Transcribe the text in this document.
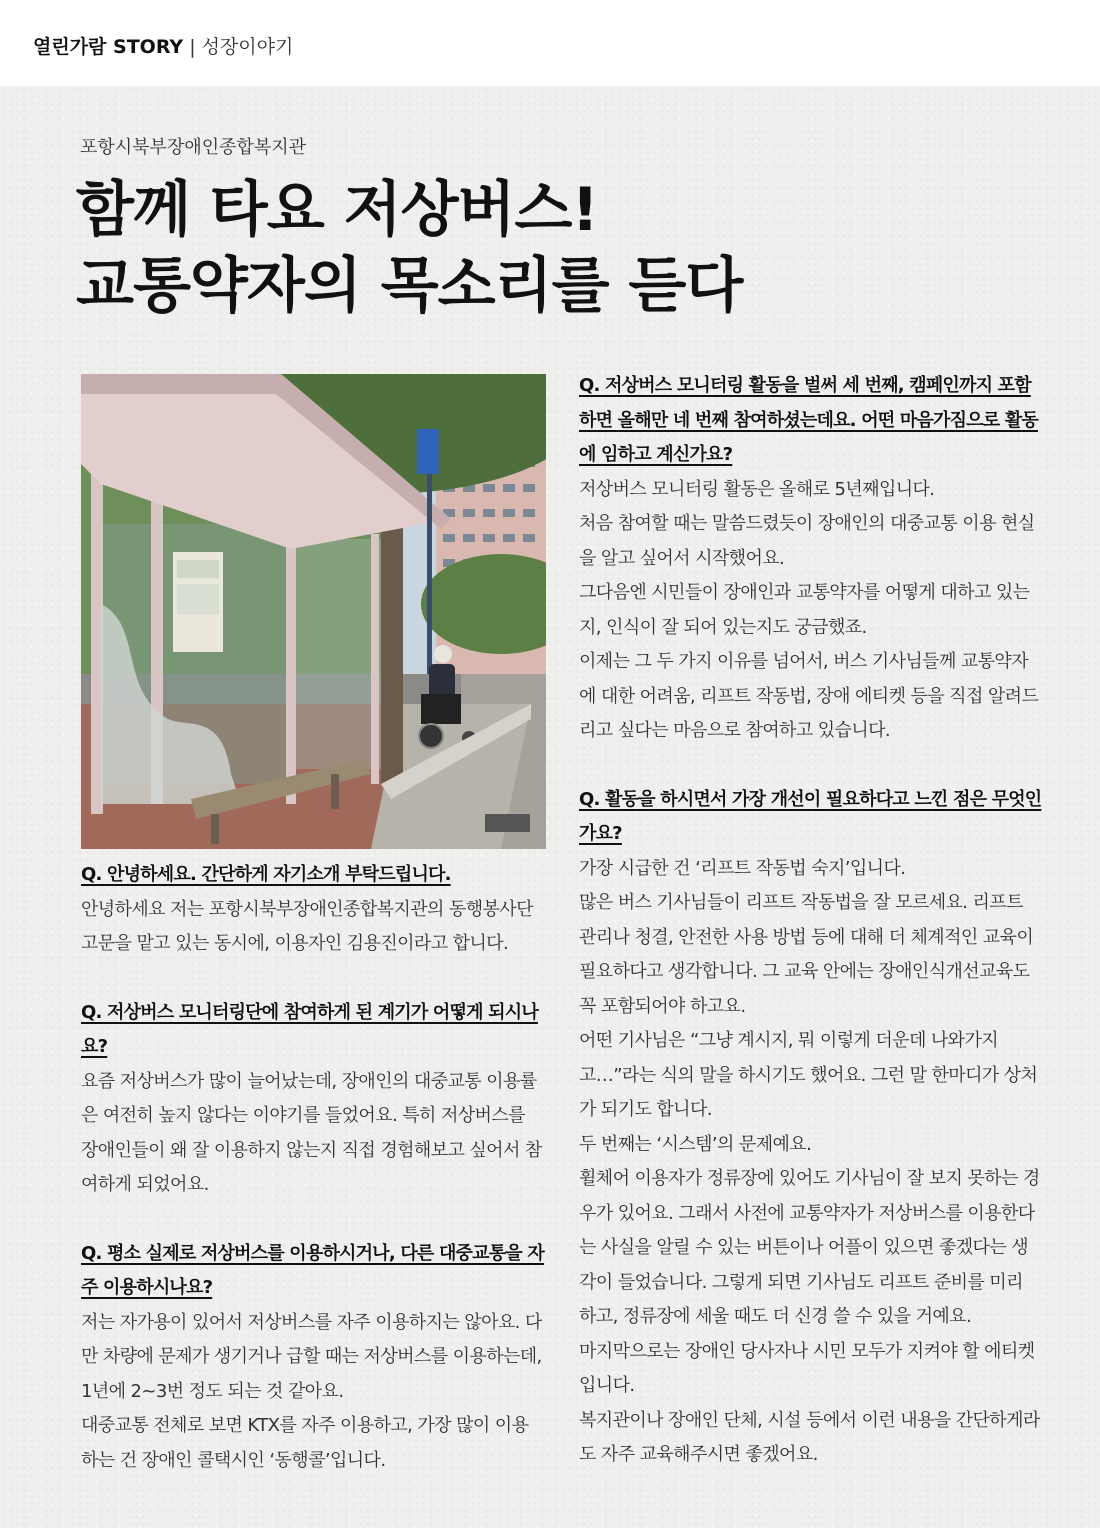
열린가람 STORY | 성장이야기
포항시북부장애인종합복지관
함께 타요 저상버스!
교통약자의 목소리를 듣다

Q. 안녕하세요. 간단하게 자기소개 부탁드립니다.

안녕하세요 저는 포항시북부장애인종합복지관의 동행봉사단 고문을 맡고 있는 동시에, 이용자인 김용진이라고 합니다.

Q. 저상버스 모니터링단에 참여하게 된 계기가 어떻게 되시나요?

요즘 저상버스가 많이 늘어났는데, 장애인의 대중교통 이용률은 여전히 높지 않다는 이야기를 들었어요. 특히 저상버스를 장애인들이 왜 잘 이용하지 않는지 직접 경험해보고 싶어서 참여하게 되었어요.

Q. 평소 실제로 저상버스를 이용하시거나, 다른 대중교통을 자주 이용하시나요?

저는 자가용이 있어서 저상버스를 자주 이용하지는 않아요. 다만 차량에 문제가 생기거나 급할 때는 저상버스를 이용하는데, 1년에 2~3번 정도 되는 것 같아요.

대중교통 전체로 보면 KTX를 자주 이용하고, 가장 많이 이용하는 건 장애인 콜택시인 ‘동행콜’입니다.

Q. 저상버스 모니터링 활동을 벌써 세 번째, 캠페인까지 포함하면 올해만 네 번째 참여하셨는데요. 어떤 마음가짐으로 활동에 임하고 계신가요?

저상버스 모니터링 활동은 올해로 5년째입니다.

처음 참여할 때는 말씀드렸듯이 장애인의 대중교통 이용 현실을 알고 싶어서 시작했어요.

그다음엔 시민들이 장애인과 교통약자를 어떻게 대하고 있는지, 인식이 잘 되어 있는지도 궁금했죠.

이제는 그 두 가지 이유를 넘어서, 버스 기사님들께 교통약자에 대한 어려움, 리프트 작동법, 장애 에티켓 등을 직접 알려드리고 싶다는 마음으로 참여하고 있습니다.

Q. 활동을 하시면서 가장 개선이 필요하다고 느낀 점은 무엇인가요?

가장 시급한 건 ‘리프트 작동법 숙지’입니다.

많은 버스 기사님들이 리프트 작동법을 잘 모르세요. 리프트 관리나 청결, 안전한 사용 방법 등에 대해 더 체계적인 교육이 필요하다고 생각합니다. 그 교육 안에는 장애인식개선교육도 꼭 포함되어야 하고요.

어떤 기사님은 “그냥 계시지, 뭐 이렇게 더운데 나와가지고…”라는 식의 말을 하시기도 했어요. 그런 말 한마디가 상처가 되기도 합니다.

두 번째는 ‘시스템’의 문제예요.

휠체어 이용자가 정류장에 있어도 기사님이 잘 보지 못하는 경우가 있어요. 그래서 사전에 교통약자가 저상버스를 이용한다는 사실을 알릴 수 있는 버튼이나 어플이 있으면 좋겠다는 생각이 들었습니다. 그렇게 되면 기사님도 리프트 준비를 미리 하고, 정류장에 세울 때도 더 신경 쓸 수 있을 거예요.

마지막으로는 장애인 당사자나 시민 모두가 지켜야 할 에티켓입니다.

복지관이나 장애인 단체, 시설 등에서 이런 내용을 간단하게라도 자주 교육해주시면 좋겠어요.
